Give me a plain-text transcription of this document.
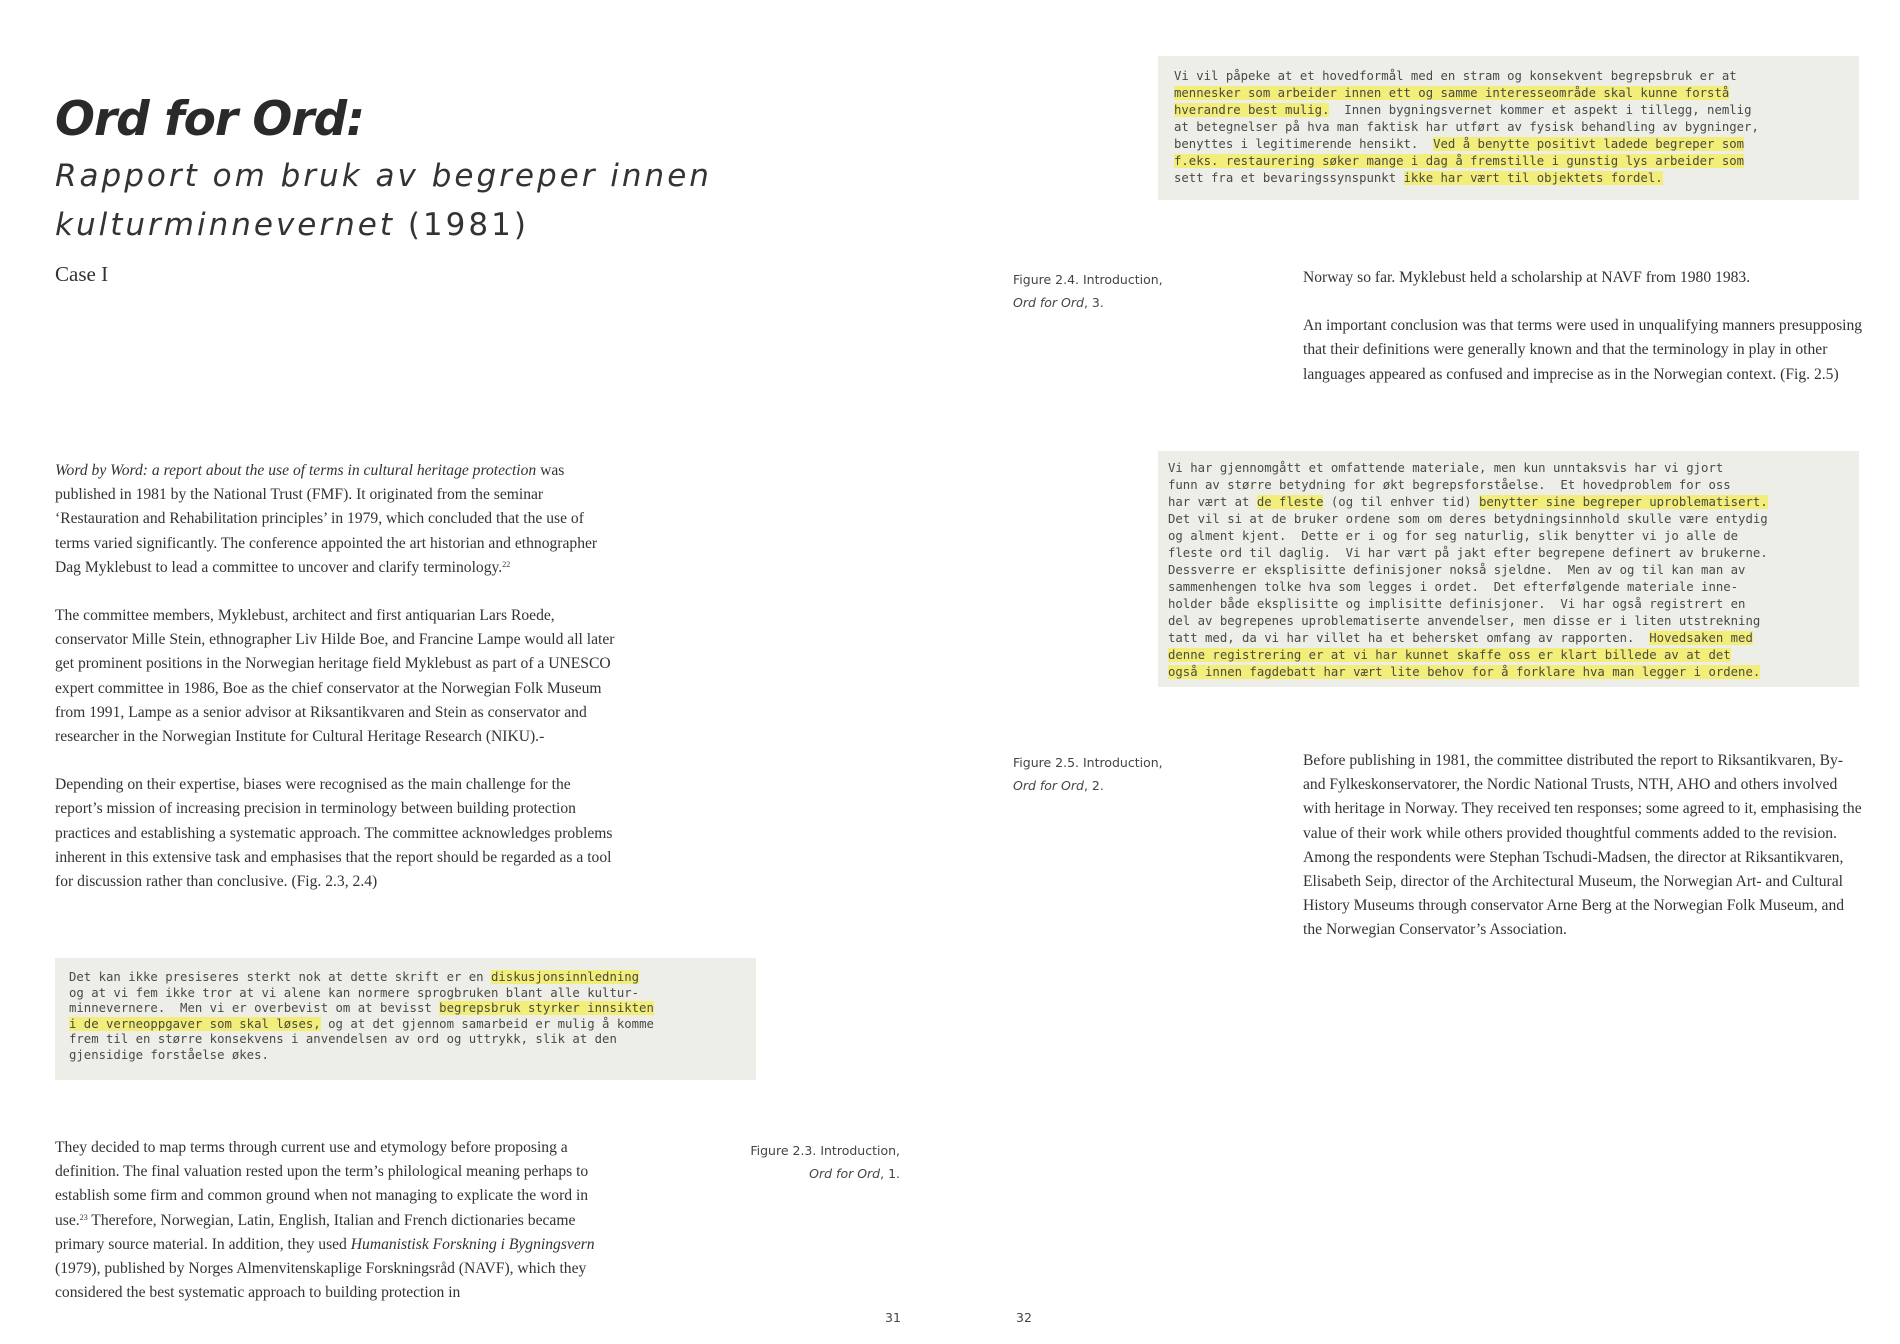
Ord for Ord:
Rapport om bruk av begreper innen kulturminnevernet (1981)
Case I

Word by Word: a report about the use of terms in cultural heritage protection was published in 1981 by the National Trust (FMF). It originated from the seminar ‘Restauration and Rehabilitation principles’ in 1979, which concluded that the use of terms varied significantly. The conference appointed the art historian and ethnographer Dag Myklebust to lead a committee to uncover and clarify terminology.$^{22}$

The committee members, Myklebust, architect and first antiquarian Lars Roede, conservator Mille Stein, ethnographer Liv Hilde Boe, and Francine Lampe would all later get prominent positions in the Norwegian heritage field Myklebust as part of a UNESCO expert committee in 1986, Boe as the chief conservator at the Norwegian Folk Museum from 1991, Lampe as a senior advisor at Riksantikvaren and Stein as conservator and researcher in the Norwegian Institute for Cultural Heritage Research (NIKU).-

Depending on their expertise, biases were recognised as the main challenge for the report’s mission of increasing precision in terminology between building protection practices and establishing a systematic approach. The committee acknowledges problems inherent in this extensive task and emphasises that the report should be regarded as a tool for discussion rather than conclusive. (Fig. 2.3, 2.4)

Det kan ikke presiseres sterkt nok at dette skrift er en diskusjonsinnledning
og at vi fem ikke tror at vi alene kan normere sprogbruken blant alle kultur-
minnevernere.  Men vi er overbevist om at bevisst begrepsbruk styrker innsikten
i de verneoppgaver som skal løses, og at det gjennom samarbeid er mulig å komme
frem til en større konsekvens i anvendelsen av ord og uttrykk, slik at den
gjensidige forståelse økes.

They decided to map terms through current use and etymology before proposing a definition. The final valuation rested upon the term’s philological meaning perhaps to establish some firm and common ground when not managing to explicate the word in use.$^{23}$ Therefore, Norwegian, Latin, English, Italian and French dictionaries became primary source material. In addition, they used Humanistisk Forskning i Bygningsvern (1979), published by Norges Almenvitenskaplige Forskningsråd (NAVF), which they considered the best systematic approach to building protection in

Figure 2.3. Introduction,
Ord for Ord, 1.
31
Vi vil påpeke at et hovedformål med en stram og konsekvent begrepsbruk er at
mennesker som arbeider innen ett og samme interesseområde skal kunne forstå
hverandre best mulig.  Innen bygningsvernet kommer et aspekt i tillegg, nemlig
at betegnelser på hva man faktisk har utført av fysisk behandling av bygninger,
benyttes i legitimerende hensikt.  Ved å benytte positivt ladede begreper som
f.eks. restaurering søker mange i dag å fremstille i gunstig lys arbeider som
sett fra et bevaringssynspunkt ikke har vært til objektets fordel.
Figure 2.4. Introduction,
Ord for Ord, 3.

Norway so far. Myklebust held a scholarship at NAVF from 1980 1983.

An important conclusion was that terms were used in unqualifying manners presupposing that their definitions were generally known and that the terminology in play in other languages appeared as confused and imprecise as in the Norwegian context. (Fig. 2.5)

Vi har gjennomgått et omfattende materiale, men kun unntaksvis har vi gjort
funn av større betydning for økt begrepsforståelse.  Et hovedproblem for oss
har vært at de fleste (og til enhver tid) benytter sine begreper uproblematisert.
Det vil si at de bruker ordene som om deres betydningsinnhold skulle være entydig
og alment kjent.  Dette er i og for seg naturlig, slik benytter vi jo alle de
fleste ord til daglig.  Vi har vært på jakt efter begrepene definert av brukerne.
Dessverre er eksplisitte definisjoner nokså sjeldne.  Men av og til kan man av
sammenhengen tolke hva som legges i ordet.  Det efterfølgende materiale inne-
holder både eksplisitte og implisitte definisjoner.  Vi har også registrert en
del av begrepenes uproblematiserte anvendelser, men disse er i liten utstrekning
tatt med, da vi har villet ha et behersket omfang av rapporten.  Hovedsaken med
denne registrering er at vi har kunnet skaffe oss er klart billede av at det
også innen fagdebatt har vært lite behov for å forklare hva man legger i ordene.
Figure 2.5. Introduction,
Ord for Ord, 2.

Before publishing in 1981, the committee distributed the report to Riksantikvaren, By- and Fylkeskonservatorer, the Nordic National Trusts, NTH, AHO and others involved with heritage in Norway. They received ten responses; some agreed to it, emphasising the value of their work while others provided thoughtful comments added to the revision. Among the respondents were Stephan Tschudi-Madsen, the director at Riksantikvaren, Elisabeth Seip, director of the Architectural Museum, the Norwegian Art- and Cultural History Museums through conservator Arne Berg at the Norwegian Folk Museum, and the Norwegian Conservator’s Association.

32
